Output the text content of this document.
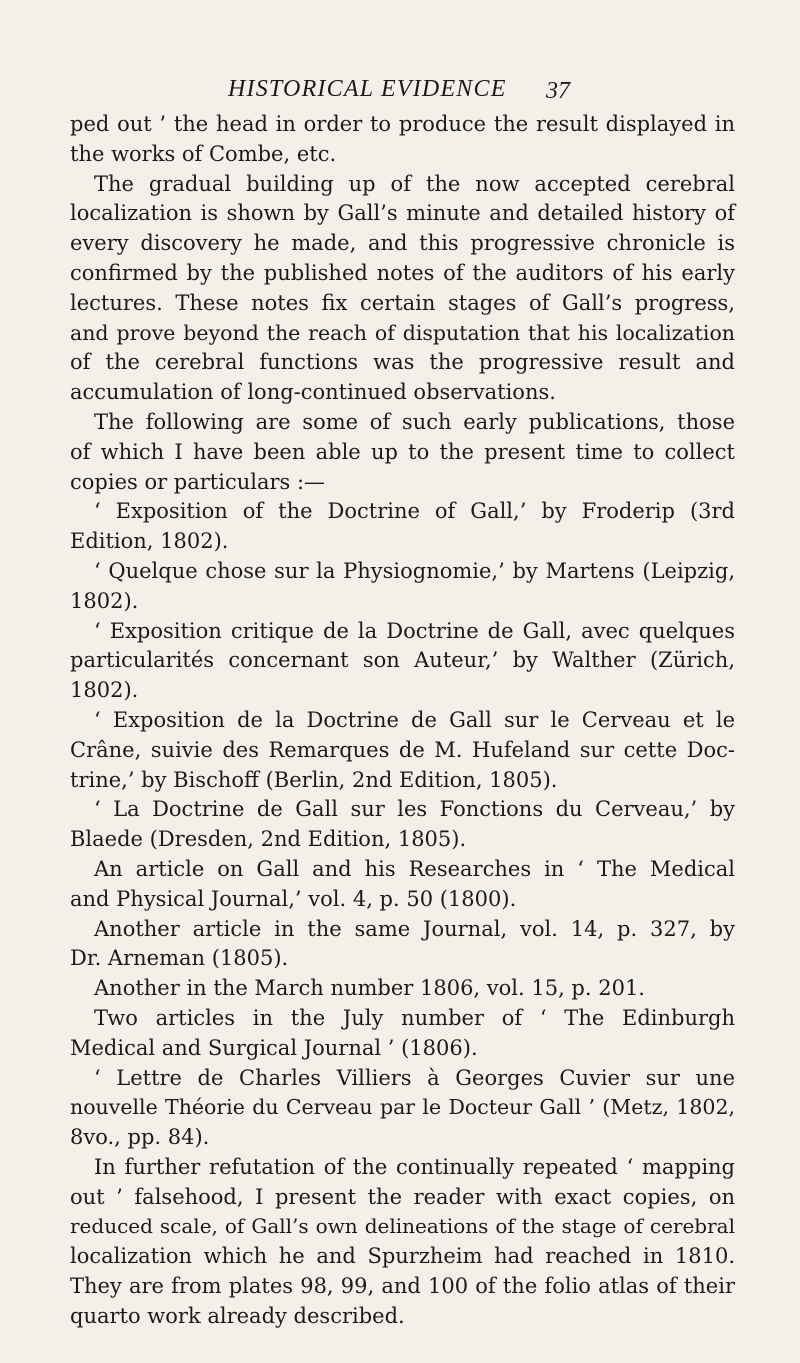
HISTORICAL EVIDENCE 37
ped out ’ the head in order to produce the result displayed in
the works of Combe, etc.
The gradual building up of the now accepted cerebral
localization is shown by Gall’s minute and detailed history of
every discovery he made, and this progressive chronicle is
confirmed by the published notes of the auditors of his early
lectures. These notes fix certain stages of Gall’s progress,
and prove beyond the reach of disputation that his localization
of the cerebral functions was the progressive result and
accumulation of long-continued observations.
The following are some of such early publications, those
of which I have been able up to the present time to collect
copies or particulars :—
‘ Exposition of the Doctrine of Gall,’ by Froderip (3rd
Edition, 1802).
‘ Quelque chose sur la Physiognomie,’ by Martens (Leipzig,
1802).
‘ Exposition critique de la Doctrine de Gall, avec quelques
particularités concernant son Auteur,’ by Walther (Zürich,
1802).
‘ Exposition de la Doctrine de Gall sur le Cerveau et le
Crâne, suivie des Remarques de M. Hufeland sur cette Doc-
trine,’ by Bischoff (Berlin, 2nd Edition, 1805).
‘ La Doctrine de Gall sur les Fonctions du Cerveau,’ by
Blaede (Dresden, 2nd Edition, 1805).
An article on Gall and his Researches in ‘ The Medical
and Physical Journal,’ vol. 4, p. 50 (1800).
Another article in the same Journal, vol. 14, p. 327, by
Dr. Arneman (1805).
Another in the March number 1806, vol. 15, p. 201.
Two articles in the July number of ‘ The Edinburgh
Medical and Surgical Journal ’ (1806).
‘ Lettre de Charles Villiers à Georges Cuvier sur une
nouvelle Théorie du Cerveau par le Docteur Gall ’ (Metz, 1802,
8vo., pp. 84).
In further refutation of the continually repeated ‘ mapping
out ’ falsehood, I present the reader with exact copies, on
reduced scale, of Gall’s own delineations of the stage of cerebral
localization which he and Spurzheim had reached in 1810.
They are from plates 98, 99, and 100 of the folio atlas of their
quarto work already described.
